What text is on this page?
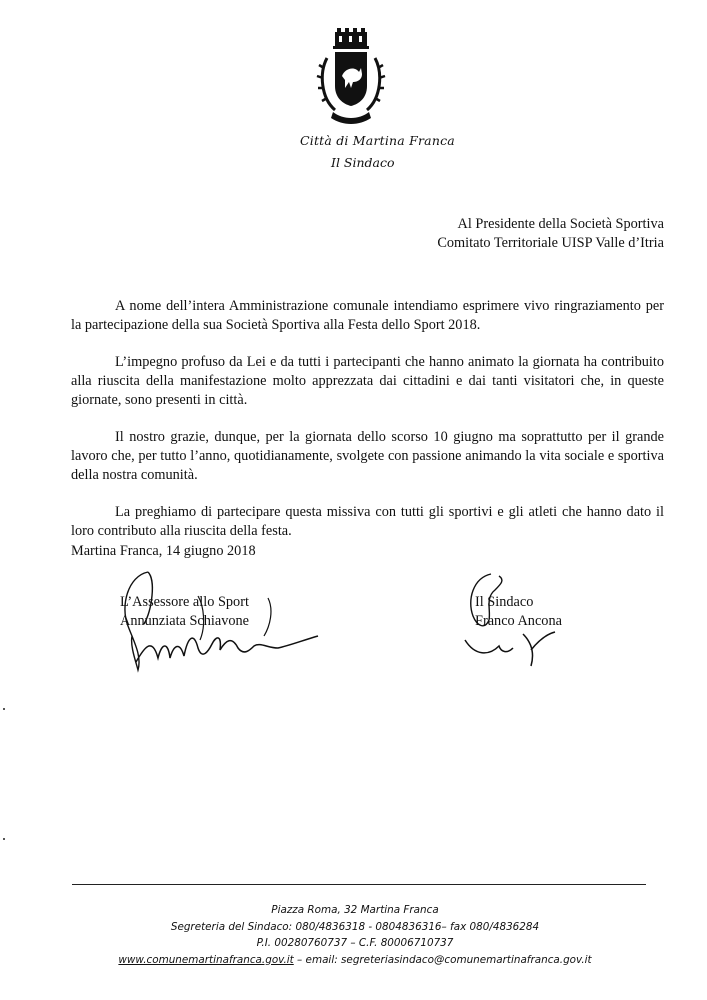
Città di Martina Franca
Il Sindaco
Al Presidente della Società Sportiva
Comitato Territoriale UISP Valle d’Itria

A nome dell’intera Amministrazione comunale intendiamo esprimere vivo ringraziamento per la partecipazione della sua Società Sportiva alla Festa dello Sport 2018.

L’impegno profuso da Lei e da tutti i partecipanti che hanno animato la giornata ha contribuito alla riuscita della manifestazione molto apprezzata dai cittadini e dai tanti visitatori che, in queste giornate, sono presenti in città.

Il nostro grazie, dunque, per la giornata dello scorso 10 giugno ma soprattutto per il grande lavoro che, per tutto l’anno, quotidianamente, svolgete con passione animando la vita sociale e sportiva della nostra comunità.

La preghiamo di partecipare questa missiva con tutti gli sportivi e gli atleti che hanno dato il loro contributo alla riuscita della festa.

Martina Franca, 14 giugno 2018
L’Assessore allo Sport
Annunziata Schiavone
Il Sindaco
Franco Ancona
Piazza Roma, 32 Martina Franca
Segreteria del Sindaco: 080/4836318 - 0804836316– fax 080/4836284
P.I. 00280760737 – C.F. 80006710737
www.comunemartinafranca.gov.it – email: segreteriasindaco@comunemartinafranca.gov.it
